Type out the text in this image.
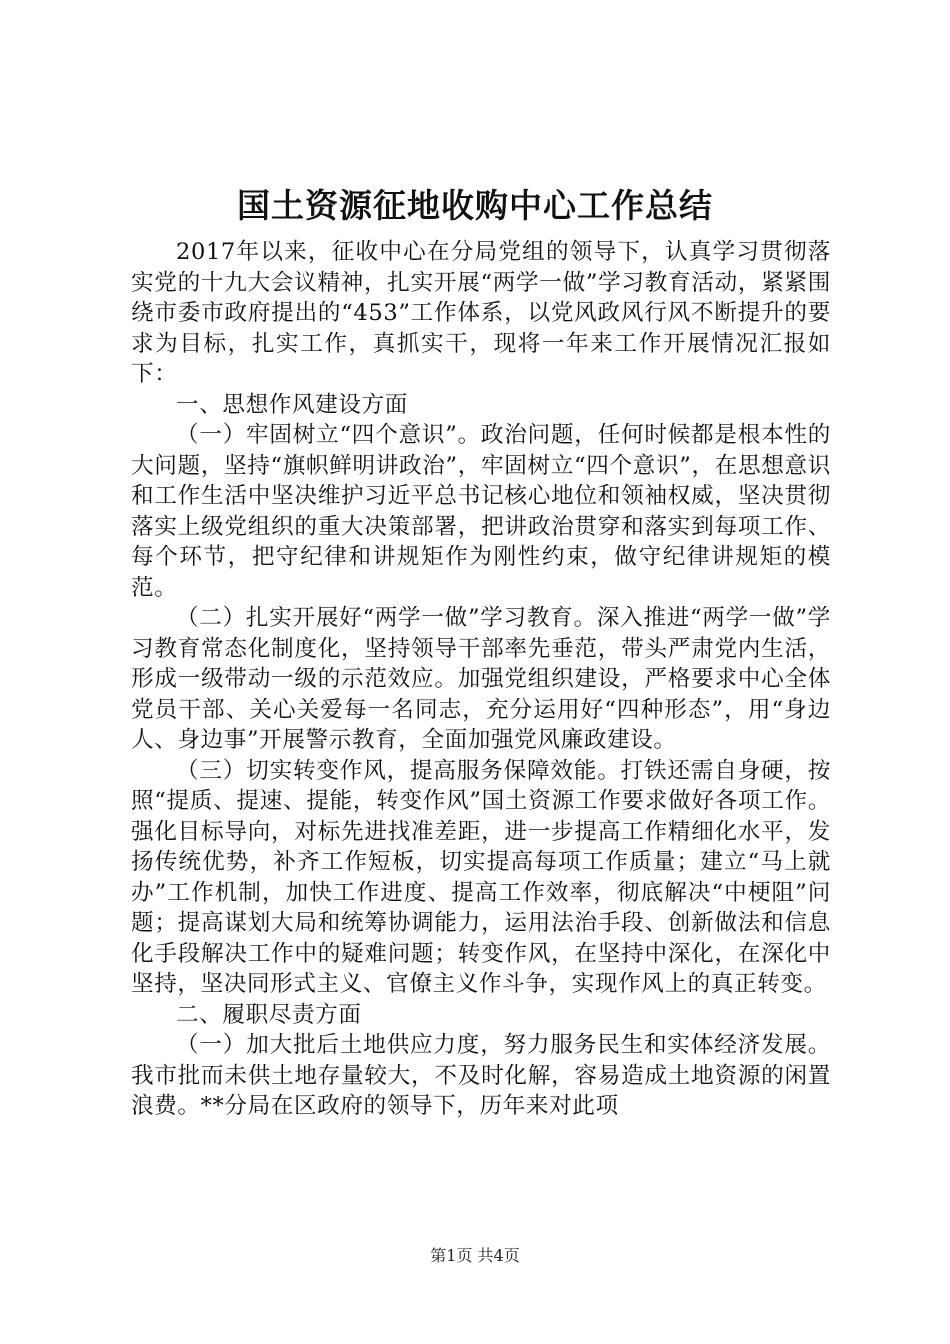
国土资源征地收购中心工作总结

2017年以来，征收中心在分局党组的领导下，认真学习贯彻落实党的十九大会议精神，扎实开展“两学一做”学习教育活动，紧紧围绕市委市政府提出的“453”工作体系，以党风政风行风不断提升的要求为目标，扎实工作，真抓实干，现将一年来工作开展情况汇报如下：

一、思想作风建设方面

（一）牢固树立“四个意识”。政治问题，任何时候都是根本性的大问题，坚持“旗帜鲜明讲政治”，牢固树立“四个意识”，在思想意识和工作生活中坚决维护习近平总书记核心地位和领袖权威，坚决贯彻落实上级党组织的重大决策部署，把讲政治贯穿和落实到每项工作、每个环节，把守纪律和讲规矩作为刚性约束，做守纪律讲规矩的模范。

（二）扎实开展好“两学一做”学习教育。深入推进“两学一做”学习教育常态化制度化，坚持领导干部率先垂范，带头严肃党内生活，形成一级带动一级的示范效应。加强党组织建设，严格要求中心全体党员干部、关心关爱每一名同志，充分运用好“四种形态”，用“身边人、身边事”开展警示教育，全面加强党风廉政建设。

（三）切实转变作风，提高服务保障效能。打铁还需自身硬，按照“提质、提速、提能，转变作风”国土资源工作要求做好各项工作。强化目标导向，对标先进找准差距，进一步提高工作精细化水平，发扬传统优势，补齐工作短板，切实提高每项工作质量；建立“马上就办”工作机制，加快工作进度、提高工作效率，彻底解决“中梗阻”问题；提高谋划大局和统筹协调能力，运用法治手段、创新做法和信息化手段解决工作中的疑难问题；转变作风，在坚持中深化，在深化中坚持，坚决同形式主义、官僚主义作斗争，实现作风上的真正转变。

二、履职尽责方面

（一）加大批后土地供应力度，努力服务民生和实体经济发展。我市批而未供土地存量较大，不及时化解，容易造成土地资源的闲置浪费。**分局在区政府的领导下，历年来对此项

第1页 共4页
